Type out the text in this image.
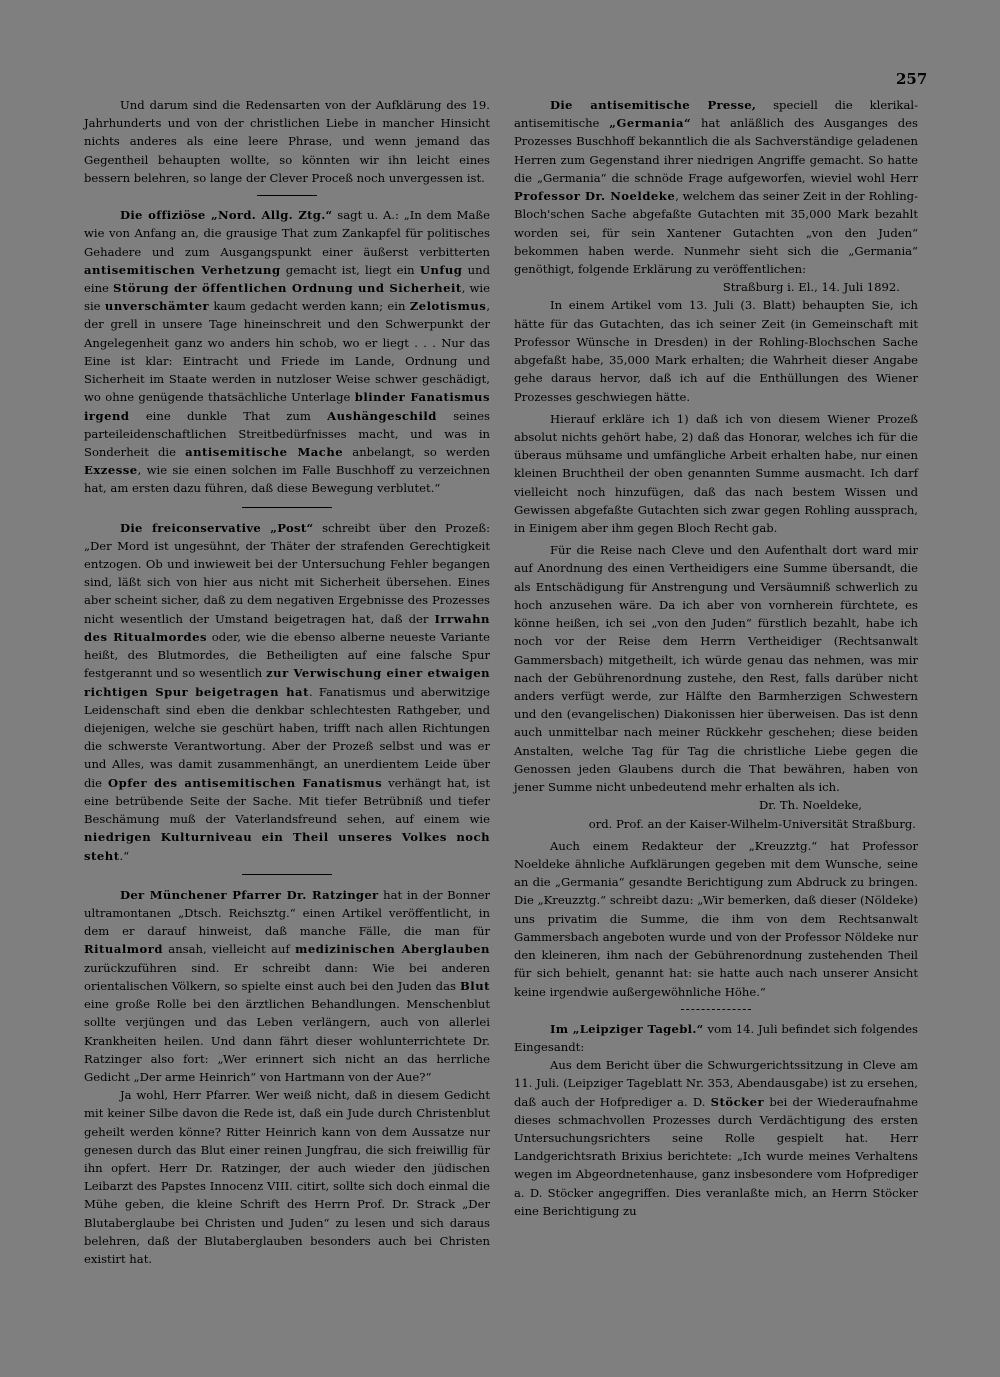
257

Und darum sind die Redensarten von der Aufklärung des 19. Jahrhunderts und von der christlichen Liebe in mancher Hinsicht nichts anderes als eine leere Phrase, und wenn jemand das Gegentheil behaupten wollte, so könnten wir ihn leicht eines bessern belehren, so lange der Clever Proceß noch unvergessen ist.

Die offiziöse „Nord. Allg. Ztg.“ sagt u. A.: „In dem Maße wie von Anfang an, die grausige That zum Zankapfel für politisches Gehadere und zum Ausgangspunkt einer äußerst verbitterten antisemitischen Verhetzung gemacht ist, liegt ein Unfug und eine Störung der öffentlichen Ordnung und Sicherheit, wie sie unverschämter kaum gedacht werden kann; ein Zelotismus, der grell in unsere Tage hineinschreit und den Schwerpunkt der Angelegenheit ganz wo anders hin schob, wo er liegt . . . Nur das Eine ist klar: Eintracht und Friede im Lande, Ordnung und Sicherheit im Staate werden in nutzloser Weise schwer geschädigt, wo ohne genügende thatsächliche Unterlage blinder Fanatismus irgend eine dunkle That zum Aushängeschild seines parteileidenschaftlichen Streitbedürfnisses macht, und was in Sonderheit die antisemitische Mache anbelangt, so werden Exzesse, wie sie einen solchen im Falle Buschhoff zu verzeichnen hat, am ersten dazu führen, daß diese Bewegung verblutet.“

Die freiconservative „Post“ schreibt über den Prozeß: „Der Mord ist ungesühnt, der Thäter der strafenden Gerechtigkeit entzogen. Ob und inwieweit bei der Untersuchung Fehler begangen sind, läßt sich von hier aus nicht mit Sicherheit übersehen. Eines aber scheint sicher, daß zu dem negativen Ergebnisse des Prozesses nicht wesentlich der Umstand beigetragen hat, daß der Irrwahn des Ritualmordes oder, wie die ebenso alberne neueste Variante heißt, des Blutmordes, die Betheiligten auf eine falsche Spur festgerannt und so wesentlich zur Verwischung einer etwaigen richtigen Spur beigetragen hat. Fanatismus und aberwitzige Leidenschaft sind eben die denkbar schlechtesten Rathgeber, und diejenigen, welche sie geschürt haben, trifft nach allen Richtungen die schwerste Verantwortung. Aber der Prozeß selbst und was er und Alles, was damit zusammenhängt, an unerdientem Leide über die Opfer des antisemitischen Fanatismus verhängt hat, ist eine betrübende Seite der Sache. Mit tiefer Betrübniß und tiefer Beschämung muß der Vaterlandsfreund sehen, auf einem wie niedrigen Kulturniveau ein Theil unseres Volkes noch steht.“

Der Münchener Pfarrer Dr. Ratzinger hat in der Bonner ultramontanen „Dtsch. Reichsztg.“ einen Artikel veröffentlicht, in dem er darauf hinweist, daß manche Fälle, die man für Ritualmord ansah, vielleicht auf medizinischen Aberglauben zurückzuführen sind. Er schreibt dann: Wie bei anderen orientalischen Völkern, so spielte einst auch bei den Juden das Blut eine große Rolle bei den ärztlichen Behandlungen. Menschenblut sollte verjüngen und das Leben verlängern, auch von allerlei Krankheiten heilen. Und dann fährt dieser wohlunterrichtete Dr. Ratzinger also fort: „Wer erinnert sich nicht an das herrliche Gedicht „Der arme Heinrich“ von Hartmann von der Aue?“

Ja wohl, Herr Pfarrer. Wer weiß nicht, daß in diesem Gedicht mit keiner Silbe davon die Rede ist, daß ein Jude durch Christenblut geheilt werden könne? Ritter Heinrich kann von dem Aussatze nur genesen durch das Blut einer reinen Jungfrau, die sich freiwillig für ihn opfert. Herr Dr. Ratzinger, der auch wieder den jüdischen Leibarzt des Papstes Innocenz VIII. citirt, sollte sich doch einmal die Mühe geben, die kleine Schrift des Herrn Prof. Dr. Strack „Der Blutaberglaube bei Christen und Juden“ zu lesen und sich daraus belehren, daß der Blutaberglauben besonders auch bei Christen existirt hat.

Die antisemitische Presse, speciell die klerikal-antisemitische „Germania“ hat anläßlich des Ausganges des Prozesses Buschhoff bekanntlich die als Sachverständige geladenen Herren zum Gegenstand ihrer niedrigen Angriffe gemacht. So hatte die „Germania“ die schnöde Frage aufgeworfen, wieviel wohl Herr Professor Dr. Noeldeke, welchem das seiner Zeit in der Rohling-Bloch'schen Sache abgefaßte Gutachten mit 35,000 Mark bezahlt worden sei, für sein Xantener Gutachten „von den Juden“ bekommen haben werde. Nunmehr sieht sich die „Germania“ genöthigt, folgende Erklärung zu veröffentlichen:

Straßburg i. El., 14. Juli 1892.

In einem Artikel vom 13. Juli (3. Blatt) behaupten Sie, ich hätte für das Gutachten, das ich seiner Zeit (in Gemeinschaft mit Professor Wünsche in Dresden) in der Rohling-Blochschen Sache abgefaßt habe, 35,000 Mark erhalten; die Wahrheit dieser Angabe gehe daraus hervor, daß ich auf die Enthüllungen des Wiener Prozesses geschwiegen hätte.

Hierauf erkläre ich 1) daß ich von diesem Wiener Prozeß absolut nichts gehört habe, 2) daß das Honorar, welches ich für die überaus mühsame und umfängliche Arbeit erhalten habe, nur einen kleinen Bruchtheil der oben genannten Summe ausmacht. Ich darf vielleicht noch hinzufügen, daß das nach bestem Wissen und Gewissen abgefaßte Gutachten sich zwar gegen Rohling aussprach, in Einigem aber ihm gegen Bloch Recht gab.

Für die Reise nach Cleve und den Aufenthalt dort ward mir auf Anordnung des einen Vertheidigers eine Summe übersandt, die als Entschädigung für Anstrengung und Versäumniß schwerlich zu hoch anzusehen wäre. Da ich aber von vornherein fürchtete, es könne heißen, ich sei „von den Juden“ fürstlich bezahlt, habe ich noch vor der Reise dem Herrn Vertheidiger (Rechtsanwalt Gammersbach) mitgetheilt, ich würde genau das nehmen, was mir nach der Gebührenordnung zustehe, den Rest, falls darüber nicht anders verfügt werde, zur Hälfte den Barmherzigen Schwestern und den (evangelischen) Diakonissen hier überweisen. Das ist denn auch unmittelbar nach meiner Rückkehr geschehen; diese beiden Anstalten, welche Tag für Tag die christliche Liebe gegen die Genossen jeden Glaubens durch die That bewähren, haben von jener Summe nicht unbedeutend mehr erhalten als ich.

Dr. Th. Noeldeke,

ord. Prof. an der Kaiser-Wilhelm-Universität Straßburg.

Auch einem Redakteur der „Kreuzztg.“ hat Professor Noeldeke ähnliche Aufklärungen gegeben mit dem Wunsche, seine an die „Germania“ gesandte Berichtigung zum Abdruck zu bringen. Die „Kreuzztg.“ schreibt dazu: „Wir bemerken, daß dieser (Nöldeke) uns privatim die Summe, die ihm von dem Rechtsanwalt Gammersbach angeboten wurde und von der Professor Nöldeke nur den kleineren, ihm nach der Gebührenordnung zustehenden Theil für sich behielt, genannt hat: sie hatte auch nach unserer Ansicht keine irgendwie außergewöhnliche Höhe.“

Im „Leipziger Tagebl.“ vom 14. Juli befindet sich folgendes Eingesandt:

Aus dem Bericht über die Schwurgerichtssitzung in Cleve am 11. Juli. (Leipziger Tageblatt Nr. 353, Abendausgabe) ist zu ersehen, daß auch der Hofprediger a. D. Stöcker bei der Wiederaufnahme dieses schmachvollen Prozesses durch Verdächtigung des ersten Untersuchungsrichters seine Rolle gespielt hat. Herr Landgerichtsrath Brixius berichtete: „Ich wurde meines Verhaltens wegen im Abgeordnetenhause, ganz insbesondere vom Hofprediger a. D. Stöcker angegriffen. Dies veranlaßte mich, an Herrn Stöcker eine Berichtigung zu
